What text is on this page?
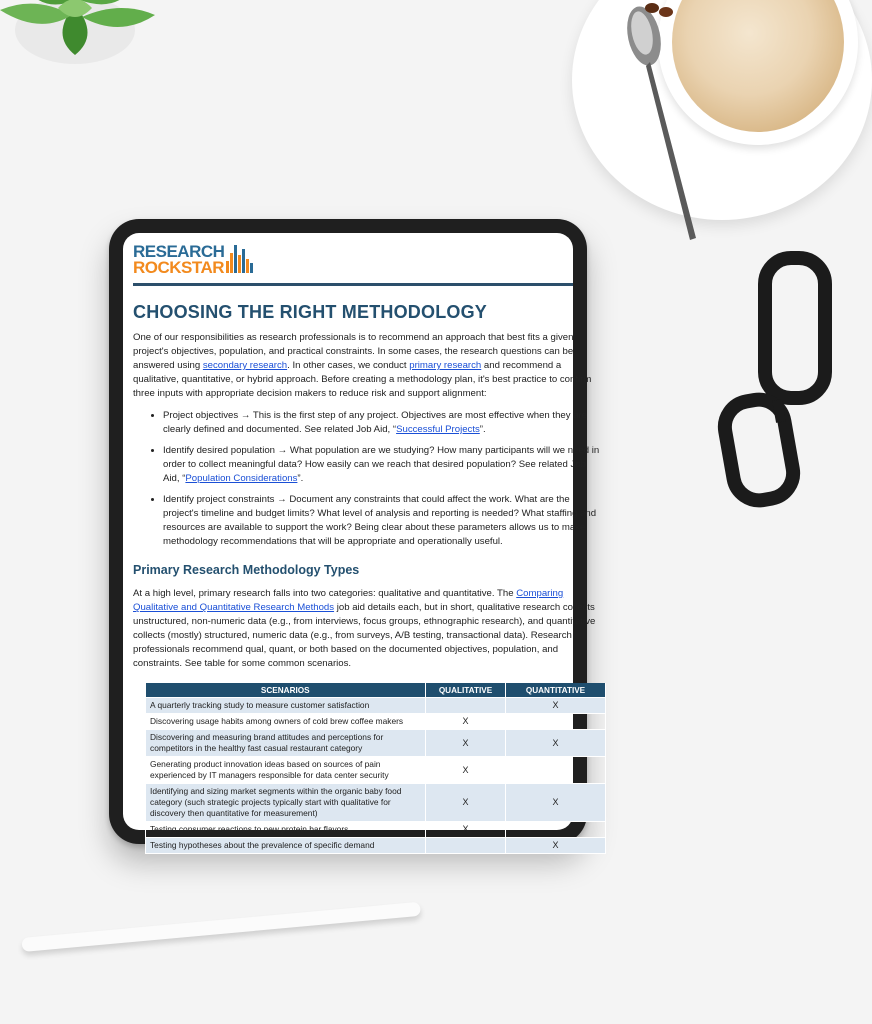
RESEARCH
ROCKSTAR
CHOOSING THE RIGHT METHODOLOGY

One of our responsibilities as research professionals is to recommend an approach that best fits a given project's objectives, population, and practical constraints. In some cases, the research questions can be answered using secondary research. In other cases, we conduct primary research and recommend a qualitative, quantitative, or hybrid approach. Before creating a methodology plan, it's best practice to confirm three inputs with appropriate decision makers to reduce risk and support alignment:

• Project objectives → This is the first step of any project. Objectives are most effective when they are clearly defined and documented. See related Job Aid, “Successful Projects”.
• Identify desired population → What population are we studying? How many participants will we need in order to collect meaningful data? How easily can we reach that desired population? See related Job Aid, “Population Considerations”.
• Identify project constraints → Document any constraints that could affect the work. What are the project's timeline and budget limits? What level of analysis and reporting is needed? What staffing and resources are available to support the work? Being clear about these parameters allows us to make methodology recommendations that will be appropriate and operationally useful.
Primary Research Methodology Types

At a high level, primary research falls into two categories: qualitative and quantitative. The Comparing Qualitative and Quantitative Research Methods job aid details each, but in short, qualitative research collects unstructured, non-numeric data (e.g., from interviews, focus groups, ethnographic research), and quantitative collects (mostly) structured, numeric data (e.g., from surveys, A/B testing, transactional data). Research professionals recommend qual, quant, or both based on the documented objectives, population, and constraints. See table for some common scenarios.

SCENARIOS	QUALITATIVE	QUANTITATIVE
A quarterly tracking study to measure customer satisfaction		X
Discovering usage habits among owners of cold brew coffee makers	X	
Discovering and measuring brand attitudes and perceptions for competitors in the healthy fast casual restaurant category	X	X
Generating product innovation ideas based on sources of pain experienced by IT managers responsible for data center security	X	
Identifying and sizing market segments within the organic baby food category (such strategic projects typically start with qualitative for discovery then quantitative for measurement)	X	X
Testing consumer reactions to new protein bar flavors	X	
Testing hypotheses about the prevalence of specific demand		X
